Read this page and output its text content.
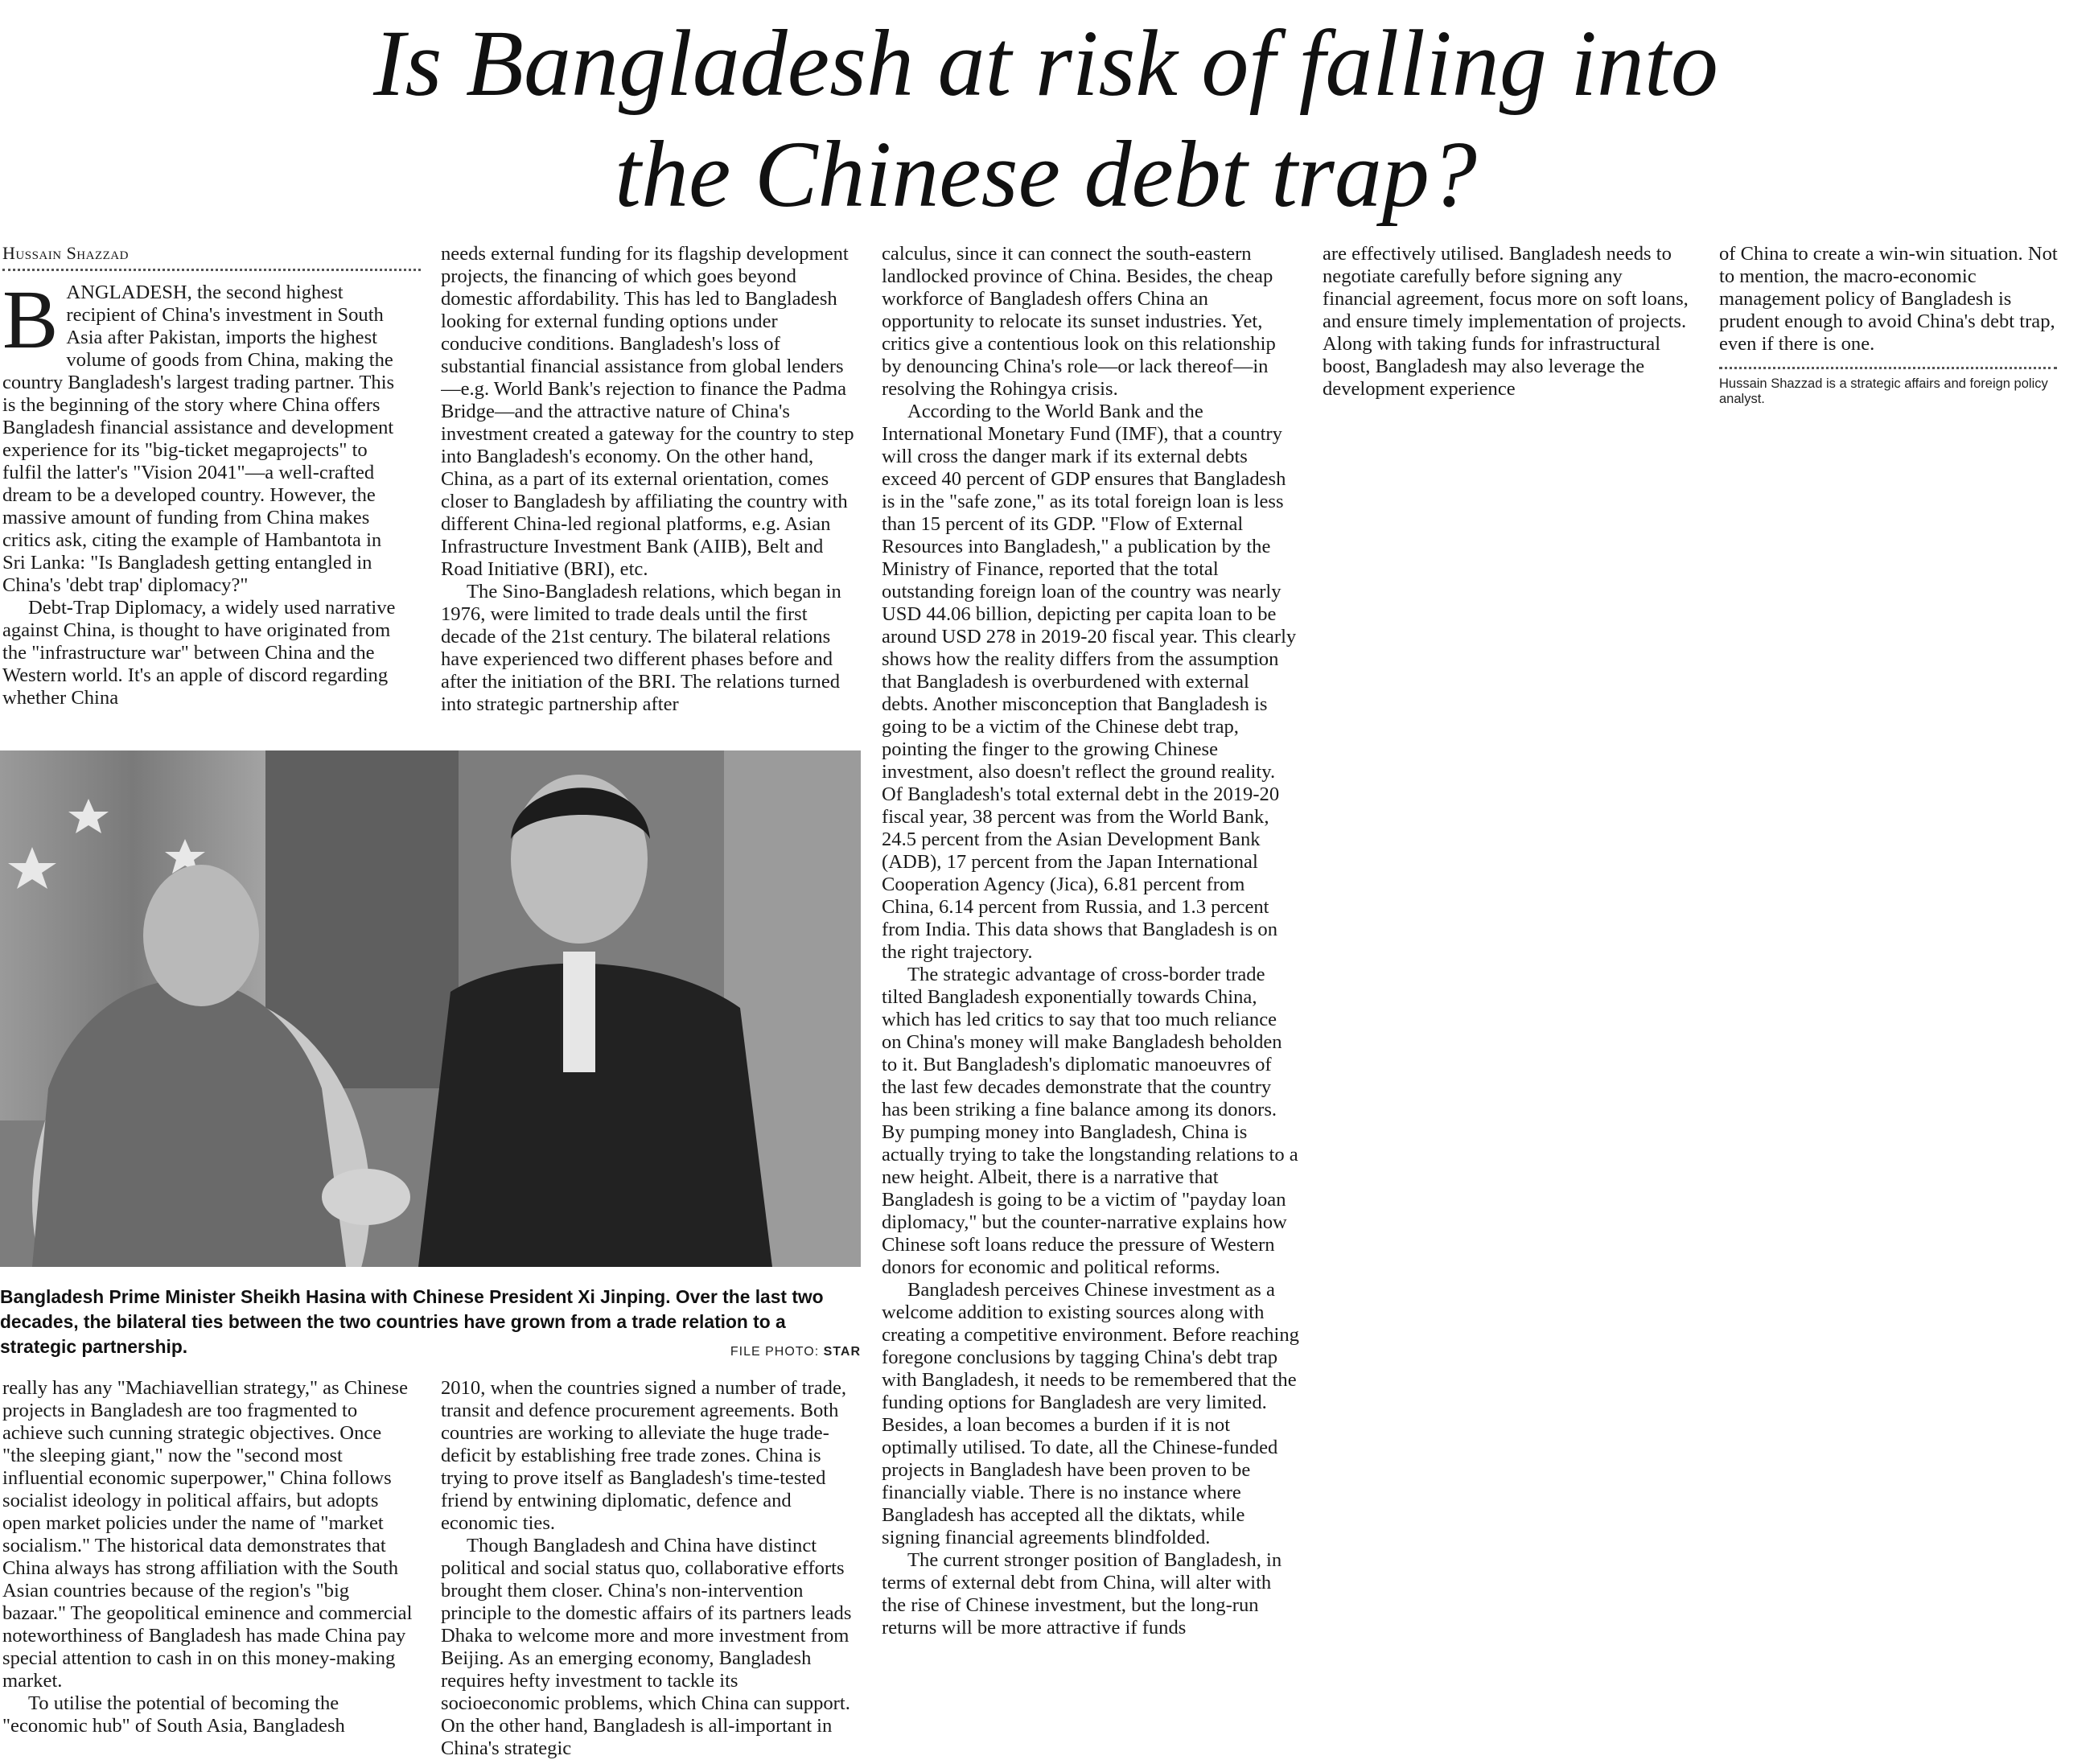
Is Bangladesh at risk of falling into
the Chinese debt trap?
Hussain Shazzad

BANGLADESH, the second highest recipient of China's investment in South Asia after Pakistan, imports the highest volume of goods from China, making the country Bangladesh's largest trading partner. This is the beginning of the story where China offers Bangladesh financial assistance and development experience for its "big-ticket megaprojects" to fulfil the latter's "Vision 2041"—a well-crafted dream to be a developed country. However, the massive amount of funding from China makes critics ask, citing the example of Hambantota in Sri Lanka: "Is Bangladesh getting entangled in China's 'debt trap' diplomacy?"

Debt-Trap Diplomacy, a widely used narrative against China, is thought to have originated from the "infrastructure war" between China and the Western world. It's an apple of discord regarding whether China

needs external funding for its flagship development projects, the financing of which goes beyond domestic affordability. This has led to Bangladesh looking for external funding options under conducive conditions. Bangladesh's loss of substantial financial assistance from global lenders—e.g. World Bank's rejection to finance the Padma Bridge—and the attractive nature of China's investment created a gateway for the country to step into Bangladesh's economy. On the other hand, China, as a part of its external orientation, comes closer to Bangladesh by affiliating the country with different China-led regional platforms, e.g. Asian Infrastructure Investment Bank (AIIB), Belt and Road Initiative (BRI), etc.

The Sino-Bangladesh relations, which began in 1976, were limited to trade deals until the first decade of the 21st century. The bilateral relations have experienced two different phases before and after the initiation of the BRI. The relations turned into strategic partnership after

Bangladesh Prime Minister Sheikh Hasina with Chinese President Xi Jinping. Over the last two decades, the bilateral ties between the two countries have grown from a trade relation to a strategic partnership.	FILE PHOTO: STAR

really has any "Machiavellian strategy," as Chinese projects in Bangladesh are too fragmented to achieve such cunning strategic objectives. Once "the sleeping giant," now the "second most influential economic superpower," China follows socialist ideology in political affairs, but adopts open market policies under the name of "market socialism." The historical data demonstrates that China always has strong affiliation with the South Asian countries because of the region's "big bazaar." The geopolitical eminence and commercial noteworthiness of Bangladesh has made China pay special attention to cash in on this money-making market.

To utilise the potential of becoming the "economic hub" of South Asia, Bangladesh

2010, when the countries signed a number of trade, transit and defence procurement agreements. Both countries are working to alleviate the huge trade-deficit by establishing free trade zones. China is trying to prove itself as Bangladesh's time-tested friend by entwining diplomatic, defence and economic ties.

Though Bangladesh and China have distinct political and social status quo, collaborative efforts brought them closer. China's non-intervention principle to the domestic affairs of its partners leads Dhaka to welcome more and more investment from Beijing. As an emerging economy, Bangladesh requires hefty investment to tackle its socioeconomic problems, which China can support. On the other hand, Bangladesh is all-important in China's strategic

calculus, since it can connect the south-eastern landlocked province of China. Besides, the cheap workforce of Bangladesh offers China an opportunity to relocate its sunset industries. Yet, critics give a contentious look on this relationship by denouncing China's role—or lack thereof—in resolving the Rohingya crisis.

According to the World Bank and the International Monetary Fund (IMF), that a country will cross the danger mark if its external debts exceed 40 percent of GDP ensures that Bangladesh is in the "safe zone," as its total foreign loan is less than 15 percent of its GDP. "Flow of External Resources into Bangladesh," a publication by the Ministry of Finance, reported that the total outstanding foreign loan of the country was nearly USD 44.06 billion, depicting per capita loan to be around USD 278 in 2019-20 fiscal year. This clearly shows how the reality differs from the assumption that Bangladesh is overburdened with external debts. Another misconception that Bangladesh is going to be a victim of the Chinese debt trap, pointing the finger to the growing Chinese investment, also doesn't reflect the ground reality. Of Bangladesh's total external debt in the 2019-20 fiscal year, 38 percent was from the World Bank, 24.5 percent from the Asian Development Bank (ADB), 17 percent from the Japan International Cooperation Agency (Jica), 6.81 percent from China, 6.14 percent from Russia, and 1.3 percent from India. This data shows that Bangladesh is on the right trajectory.

The strategic advantage of cross-border trade tilted Bangladesh exponentially towards China, which has led critics to say that too much reliance on China's money will make Bangladesh beholden to it. But Bangladesh's diplomatic manoeuvres of the last few decades demonstrate that the country has been striking a fine balance among its donors. By pumping money into Bangladesh, China is actually trying to take the longstanding relations to a new height. Albeit, there is a narrative that Bangladesh is going to be a victim of "payday loan diplomacy," but the counter-narrative explains how Chinese soft loans reduce the pressure of Western donors for economic and political reforms.

Bangladesh perceives Chinese investment as a welcome addition to existing sources along with creating a competitive environment. Before reaching foregone conclusions by tagging China's debt trap with Bangladesh, it needs to be remembered that the funding options for Bangladesh are very limited. Besides, a loan becomes a burden if it is not optimally utilised. To date, all the Chinese-funded projects in Bangladesh have been proven to be financially viable. There is no instance where Bangladesh has accepted all the diktats, while signing financial agreements blindfolded.

The current stronger position of Bangladesh, in terms of external debt from China, will alter with the rise of Chinese investment, but the long-run returns will be more attractive if funds

are effectively utilised. Bangladesh needs to negotiate carefully before signing any financial agreement, focus more on soft loans, and ensure timely implementation of projects. Along with taking funds for infrastructural boost, Bangladesh may also leverage the development experience

of China to create a win-win situation. Not to mention, the macro-economic management policy of Bangladesh is prudent enough to avoid China's debt trap, even if there is one.

Hussain Shazzad is a strategic affairs and foreign policy analyst.
